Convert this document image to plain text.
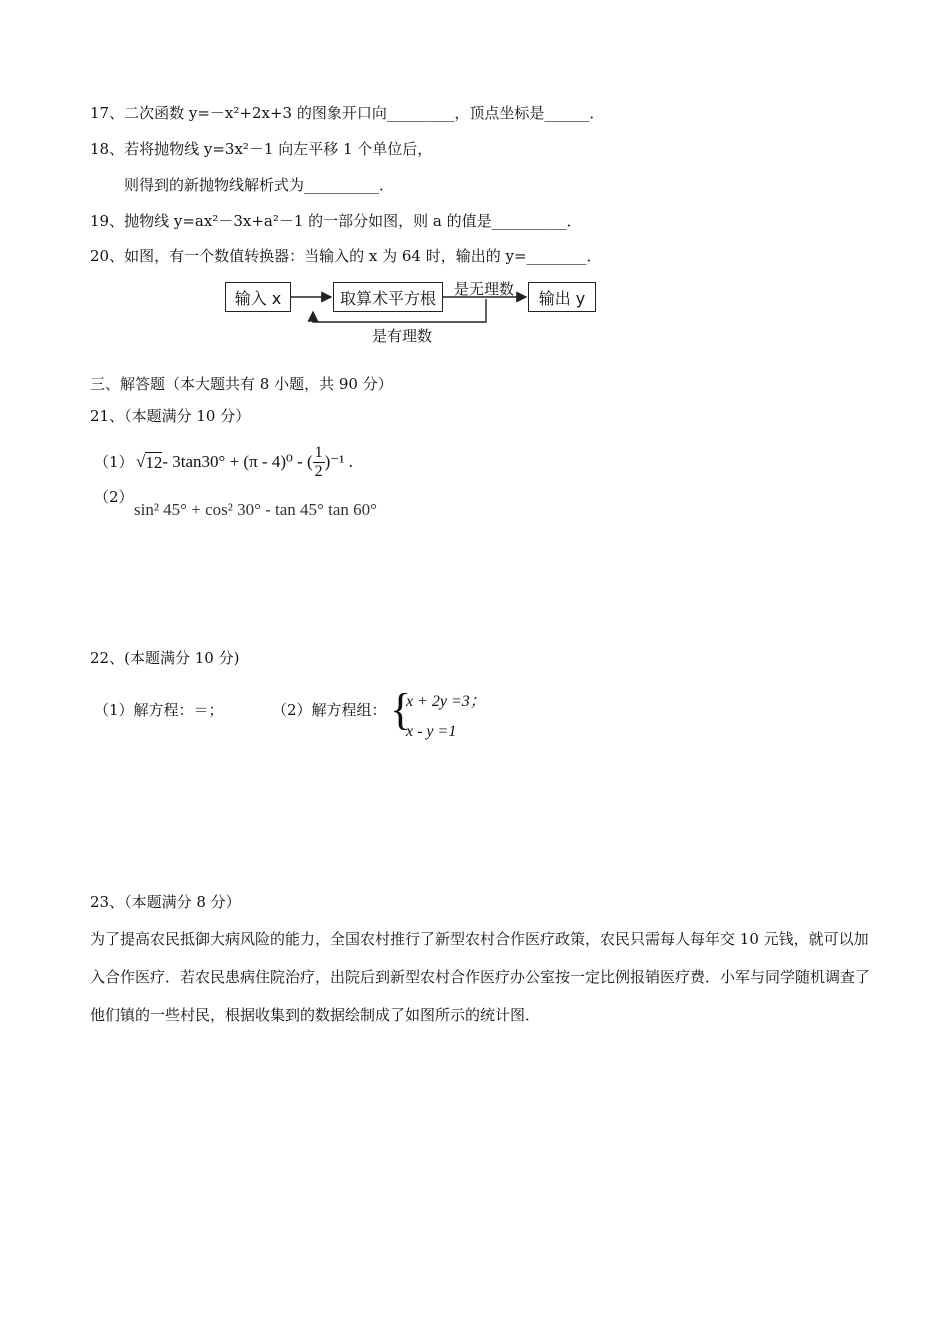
17、二次函数 y=－x²+2x+3 的图象开口向_________，顶点坐标是______．
18、若将抛物线 y=3x²－1 向左平移 1 个单位后，
则得到的新抛物线解析式为__________．
19、抛物线 y=ax²－3x+a²－1 的一部分如图，则 a 的值是__________．
20、如图，有一个数值转换器：当输入的 x 为 64 时，输出的 y=________．
输入 x	取算术平方根	输出 y
是无理数
是有理数
三、解答题（本大题共有 8 小题，共 90 分）
21、（本题满分 10 分）
（1） √ 12 - 3tan30° + (π - 4)⁰ - ( $\frac{1}{2} )^{-1}$ .
（2）
sin² 45° + cos² 30° - tan 45° tan 60°
22、(本题满分 10 分)
（1）解方程：＝；	（2）解方程组： {
x + 2y =3；
x - y =1
23、（本题满分 8 分）
为了提高农民抵御大病风险的能力，全国农村推行了新型农村合作医疗政策，农民只需每人每年交 10 元钱，就可以加入合作医疗．若农民患病住院治疗，出院后到新型农村合作医疗办公室按一定比例报销医疗费．小军与同学随机调查了他们镇的一些村民，根据收集到的数据绘制成了如图所示的统计图．
